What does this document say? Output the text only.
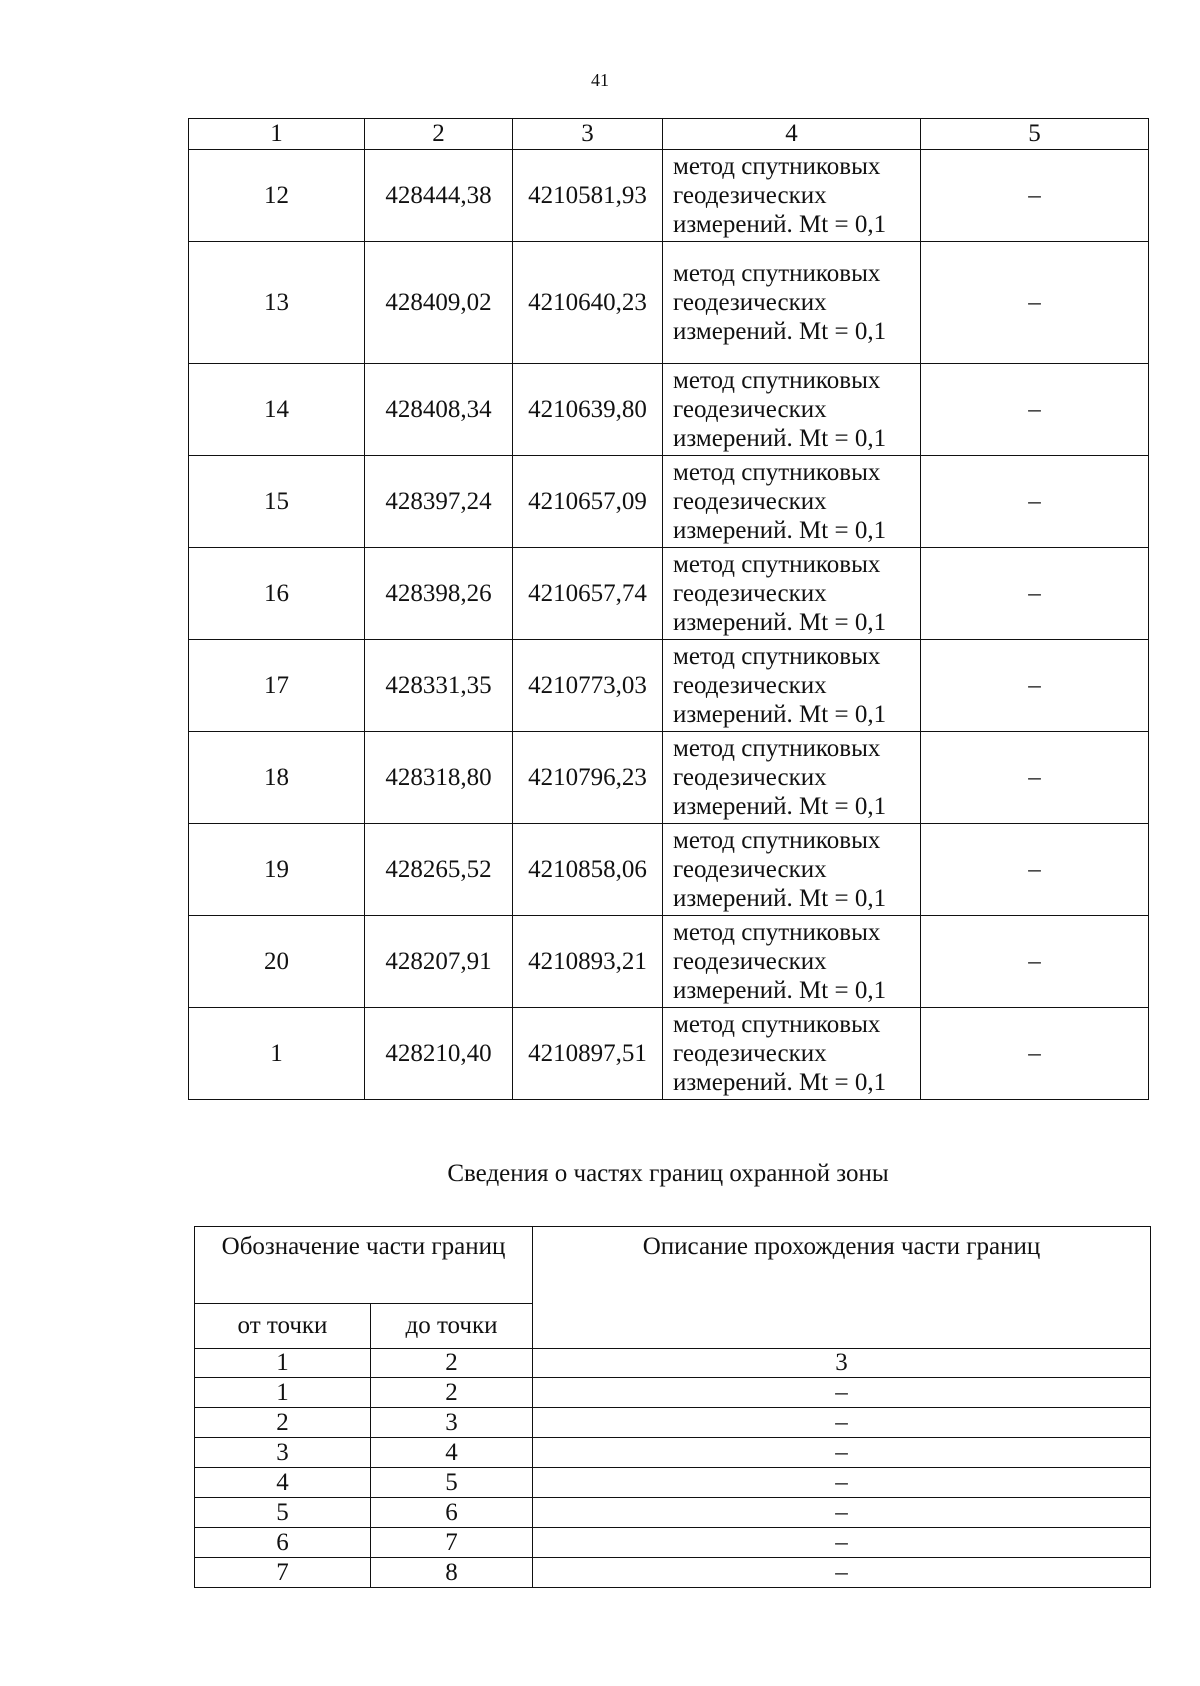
41
1	2	3	4	5
12	428444,38	4210581,93	метод спутниковых
геодезических
измерений. Mt = 0,1	–
13	428409,02	4210640,23	метод спутниковых
геодезических
измерений. Mt = 0,1	–
14	428408,34	4210639,80	метод спутниковых
геодезических
измерений. Mt = 0,1	–
15	428397,24	4210657,09	метод спутниковых
геодезических
измерений. Mt = 0,1	–
16	428398,26	4210657,74	метод спутниковых
геодезических
измерений. Mt = 0,1	–
17	428331,35	4210773,03	метод спутниковых
геодезических
измерений. Mt = 0,1	–
18	428318,80	4210796,23	метод спутниковых
геодезических
измерений. Mt = 0,1	–
19	428265,52	4210858,06	метод спутниковых
геодезических
измерений. Mt = 0,1	–
20	428207,91	4210893,21	метод спутниковых
геодезических
измерений. Mt = 0,1	–
1	428210,40	4210897,51	метод спутниковых
геодезических
измерений. Mt = 0,1	–
Сведения о частях границ охранной зоны
Обозначение части границ		Описание прохождения части границ
от точки	до точки	
1	2	3
1	2	–
2	3	–
3	4	–
4	5	–
5	6	–
6	7	–
7	8	–
